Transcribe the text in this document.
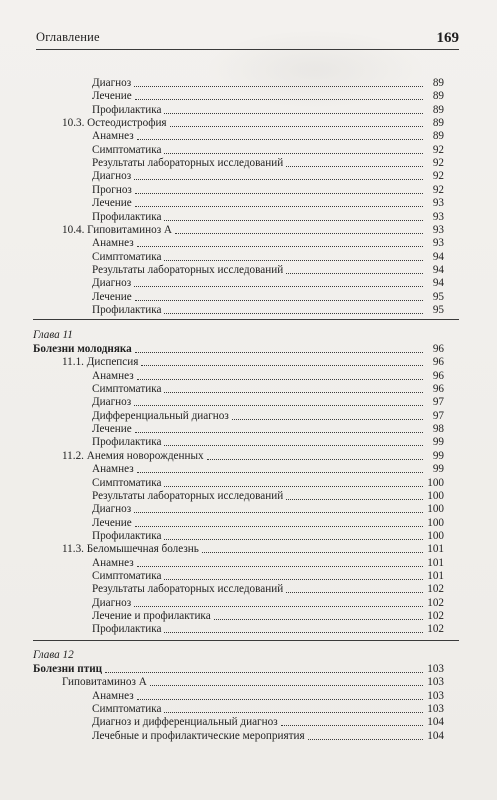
Оглавление	169
Диагноз	89
Лечение	89
Профилактика	89
10.3. Остеодистрофия	89
Анамнез	89
Симптоматика	92
Результаты лабораторных исследований	92
Диагноз	92
Прогноз	92
Лечение	93
Профилактика	93
10.4. Гиповитаминоз А	93
Анамнез	93
Симптоматика	94
Результаты лабораторных исследований	94
Диагноз	94
Лечение	95
Профилактика	95
Глава 11
Болезни молодняка	96
11.1. Диспепсия	96
Анамнез	96
Симптоматика	96
Диагноз	97
Дифференциальный диагноз	97
Лечение	98
Профилактика	99
11.2. Анемия новорожденных	99
Анамнез	99
Симптоматика	100
Результаты лабораторных исследований	100
Диагноз	100
Лечение	100
Профилактика	100
11.3. Беломышечная болезнь	101
Анамнез	101
Симптоматика	101
Результаты лабораторных исследований	102
Диагноз	102
Лечение и профилактика	102
Профилактика	102
Глава 12
Болезни птиц	103
Гиповитаминоз А	103
Анамнез	103
Симптоматика	103
Диагноз и дифференциальный диагноз	104
Лечебные и профилактические мероприятия	104
